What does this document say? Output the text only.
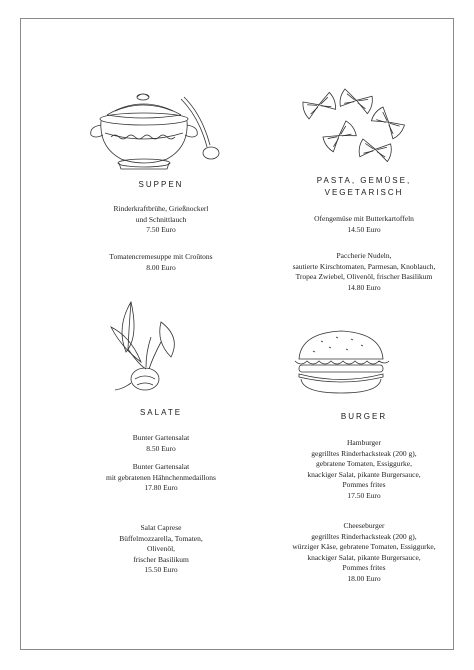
SUPPEN
Rinderkraftbrühe, Grießnockerl
und Schnittlauch
7.50 Euro
Tomatencremesuppe mit Croûtons
8.00 Euro
PASTA, GEMÜSE,
VEGETARISCH
Ofengemüse mit Butterkartoffeln
14.50 Euro
Paccherie Nudeln,
sautierte Kirschtomaten, Parmesan, Knoblauch,
Tropea Zwiebel, Olivenöl, frischer Basilikum
14.80 Euro
SALATE
Bunter Gartensalat
8.50 Euro
Bunter Gartensalat
mit gebratenen Hähnchenmedaillons
17.80 Euro
Salat Caprese
Büffelmozzarella, Tomaten,
Olivenöl,
frischer Basilikum
15.50 Euro
BURGER
Hamburger
gegrilltes Rinderhacksteak (200 g),
gebratene Tomaten, Essiggurke,
knackiger Salat, pikante Burgersauce,
Pommes frites
17.50 Euro
Cheeseburger
gegrilltes Rinderhacksteak (200 g),
würziger Käse, gebratene Tomaten, Essiggurke,
knackiger Salat, pikante Burgersauce,
Pommes frites
18.00 Euro
